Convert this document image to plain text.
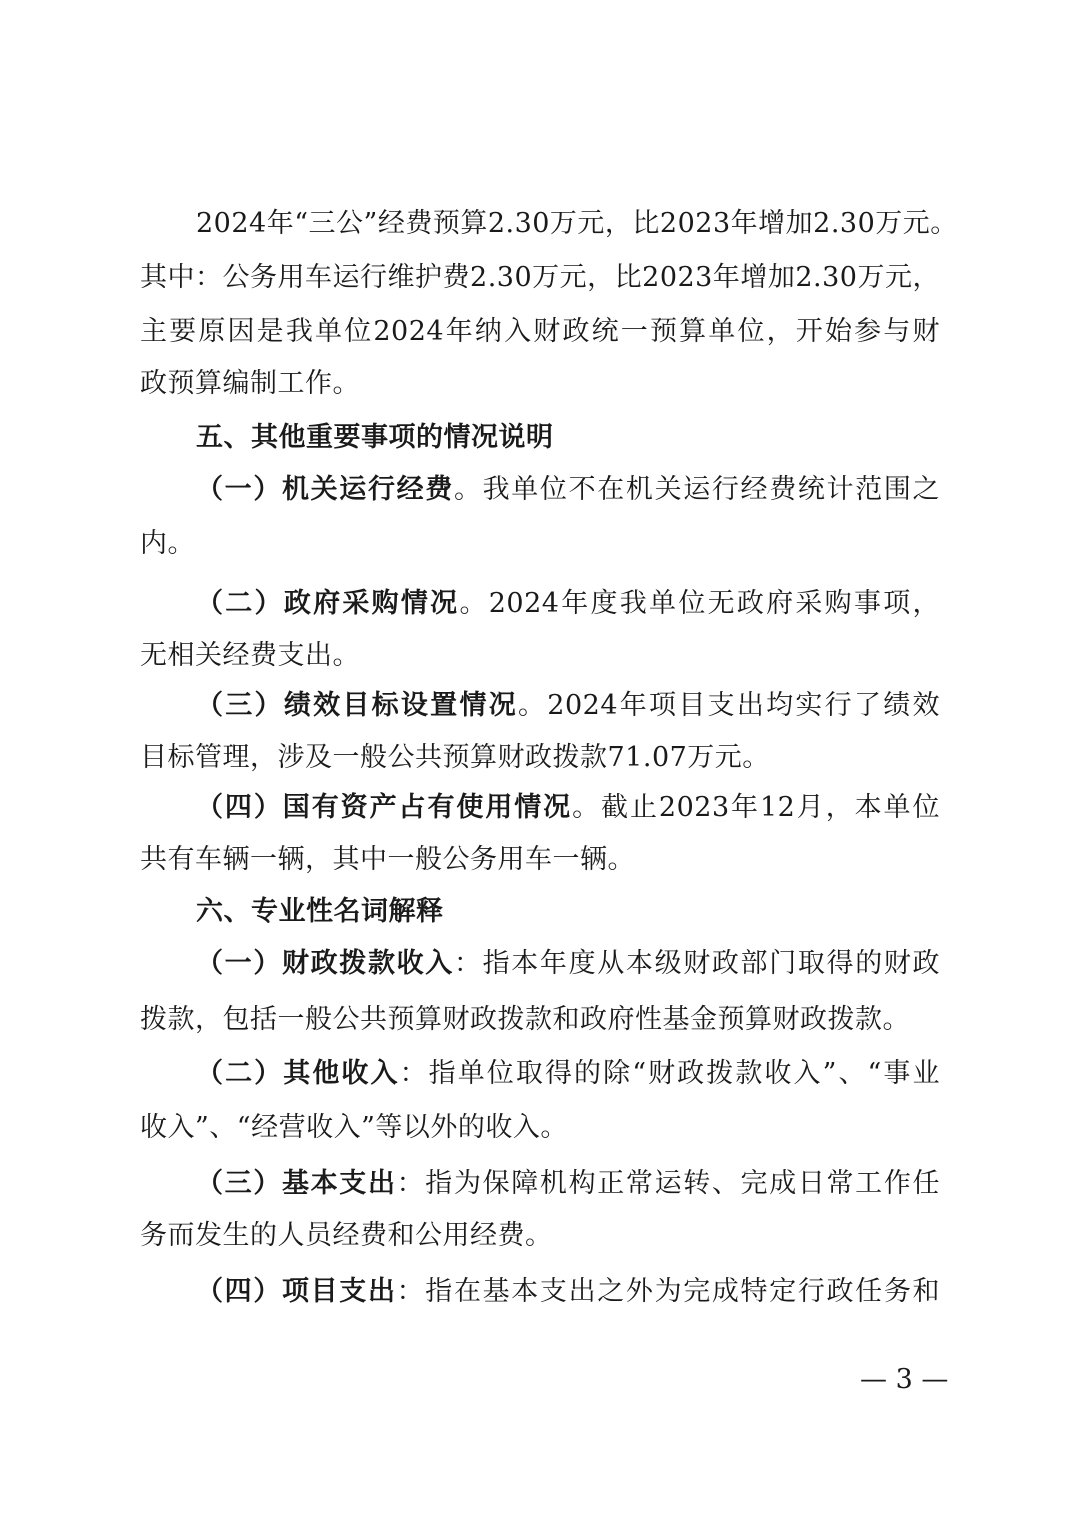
2024年“三公”经费预算2.30万元，比2023年增加2.30万元。
其中：公务用车运行维护费2.30万元，比2023年增加2.30万元，
主要原因是我单位2024年纳入财政统一预算单位，开始参与财
政预算编制工作。
五、其他重要事项的情况说明
（一）机关运行经费。我单位不在机关运行经费统计范围之
内。
（二）政府采购情况。2024年度我单位无政府采购事项，
无相关经费支出。
（三）绩效目标设置情况。2024年项目支出均实行了绩效
目标管理，涉及一般公共预算财政拨款71.07万元。
（四）国有资产占有使用情况。截止2023年12月，本单位
共有车辆一辆，其中一般公务用车一辆。
六、专业性名词解释
（一）财政拨款收入：指本年度从本级财政部门取得的财政
拨款，包括一般公共预算财政拨款和政府性基金预算财政拨款。
（二）其他收入：指单位取得的除“财政拨款收入”、“事业
收入”、“经营收入”等以外的收入。
（三）基本支出：指为保障机构正常运转、完成日常工作任
务而发生的人员经费和公用经费。
（四）项目支出：指在基本支出之外为完成特定行政任务和
— 3 —
